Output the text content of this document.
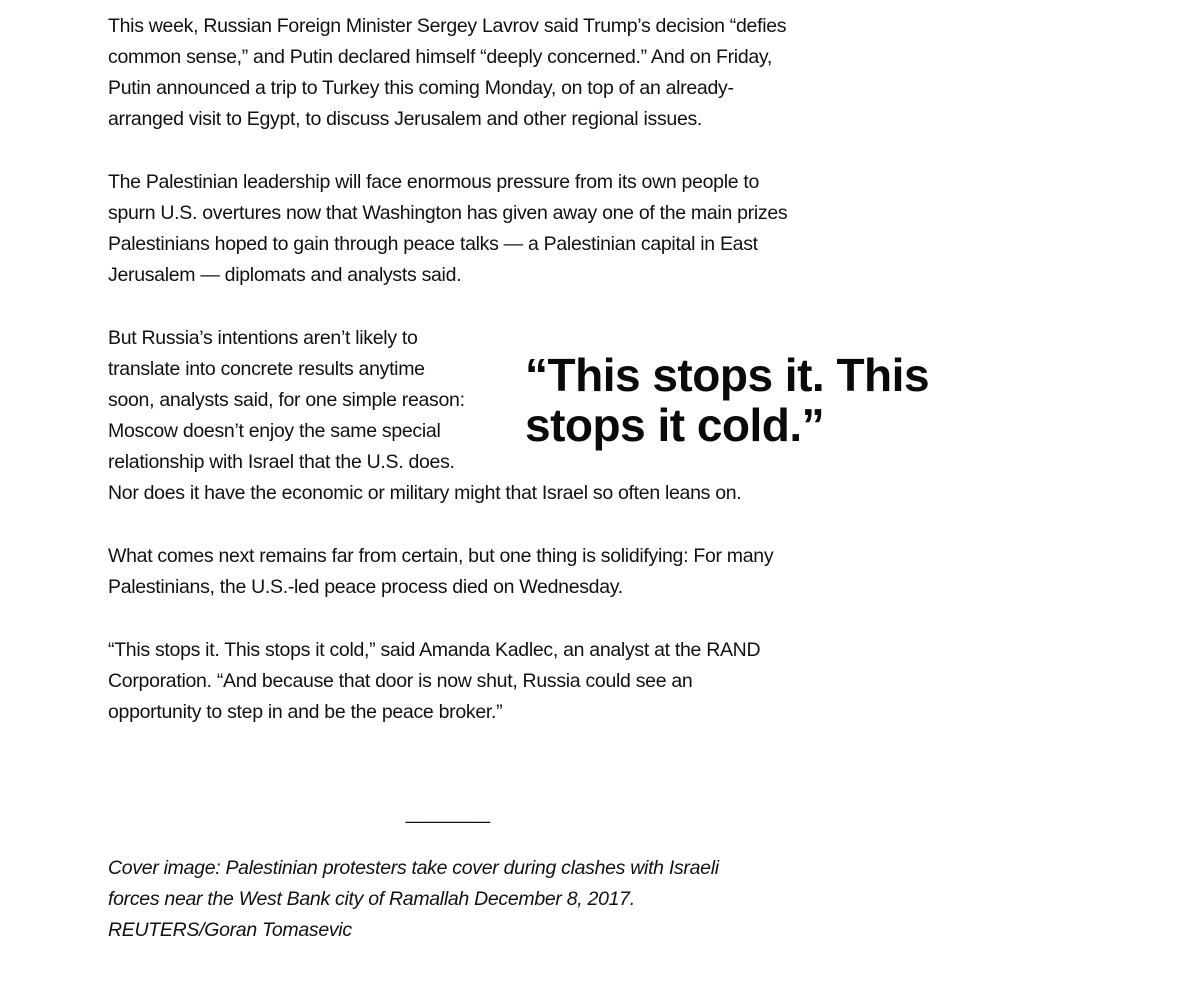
This week, Russian Foreign Minister Sergey Lavrov said Trump’s decision “defies common sense,” and Putin declared himself “deeply concerned.” And on Friday, Putin announced a trip to Turkey this coming Monday, on top of an already-arranged visit to Egypt, to discuss Jerusalem and other regional issues.

The Palestinian leadership will face enormous pressure from its own people to spurn U.S. overtures now that Washington has given away one of the main prizes Palestinians hoped to gain through peace talks — a Palestinian capital in East Jerusalem — diplomats and analysts said.

But Russia’s intentions aren’t likely to translate into concrete results anytime soon, analysts said, for one simple reason: Moscow doesn’t enjoy the same special relationship with Israel that the U.S. does.
Nor does it have the economic or military might that Israel so often leans on.

What comes next remains far from certain, but one thing is solidifying: For many Palestinians, the U.S.-led peace process died on Wednesday.

“This stops it. This stops it cold,” said Amanda Kadlec, an analyst at the RAND Corporation. “And because that door is now shut, Russia could see an opportunity to step in and be the peace broker.”

“This stops it. This stops it cold.”

________

Cover image: Palestinian protesters take cover during clashes with Israeli forces near the West Bank city of Ramallah December 8, 2017. REUTERS/Goran Tomasevic
